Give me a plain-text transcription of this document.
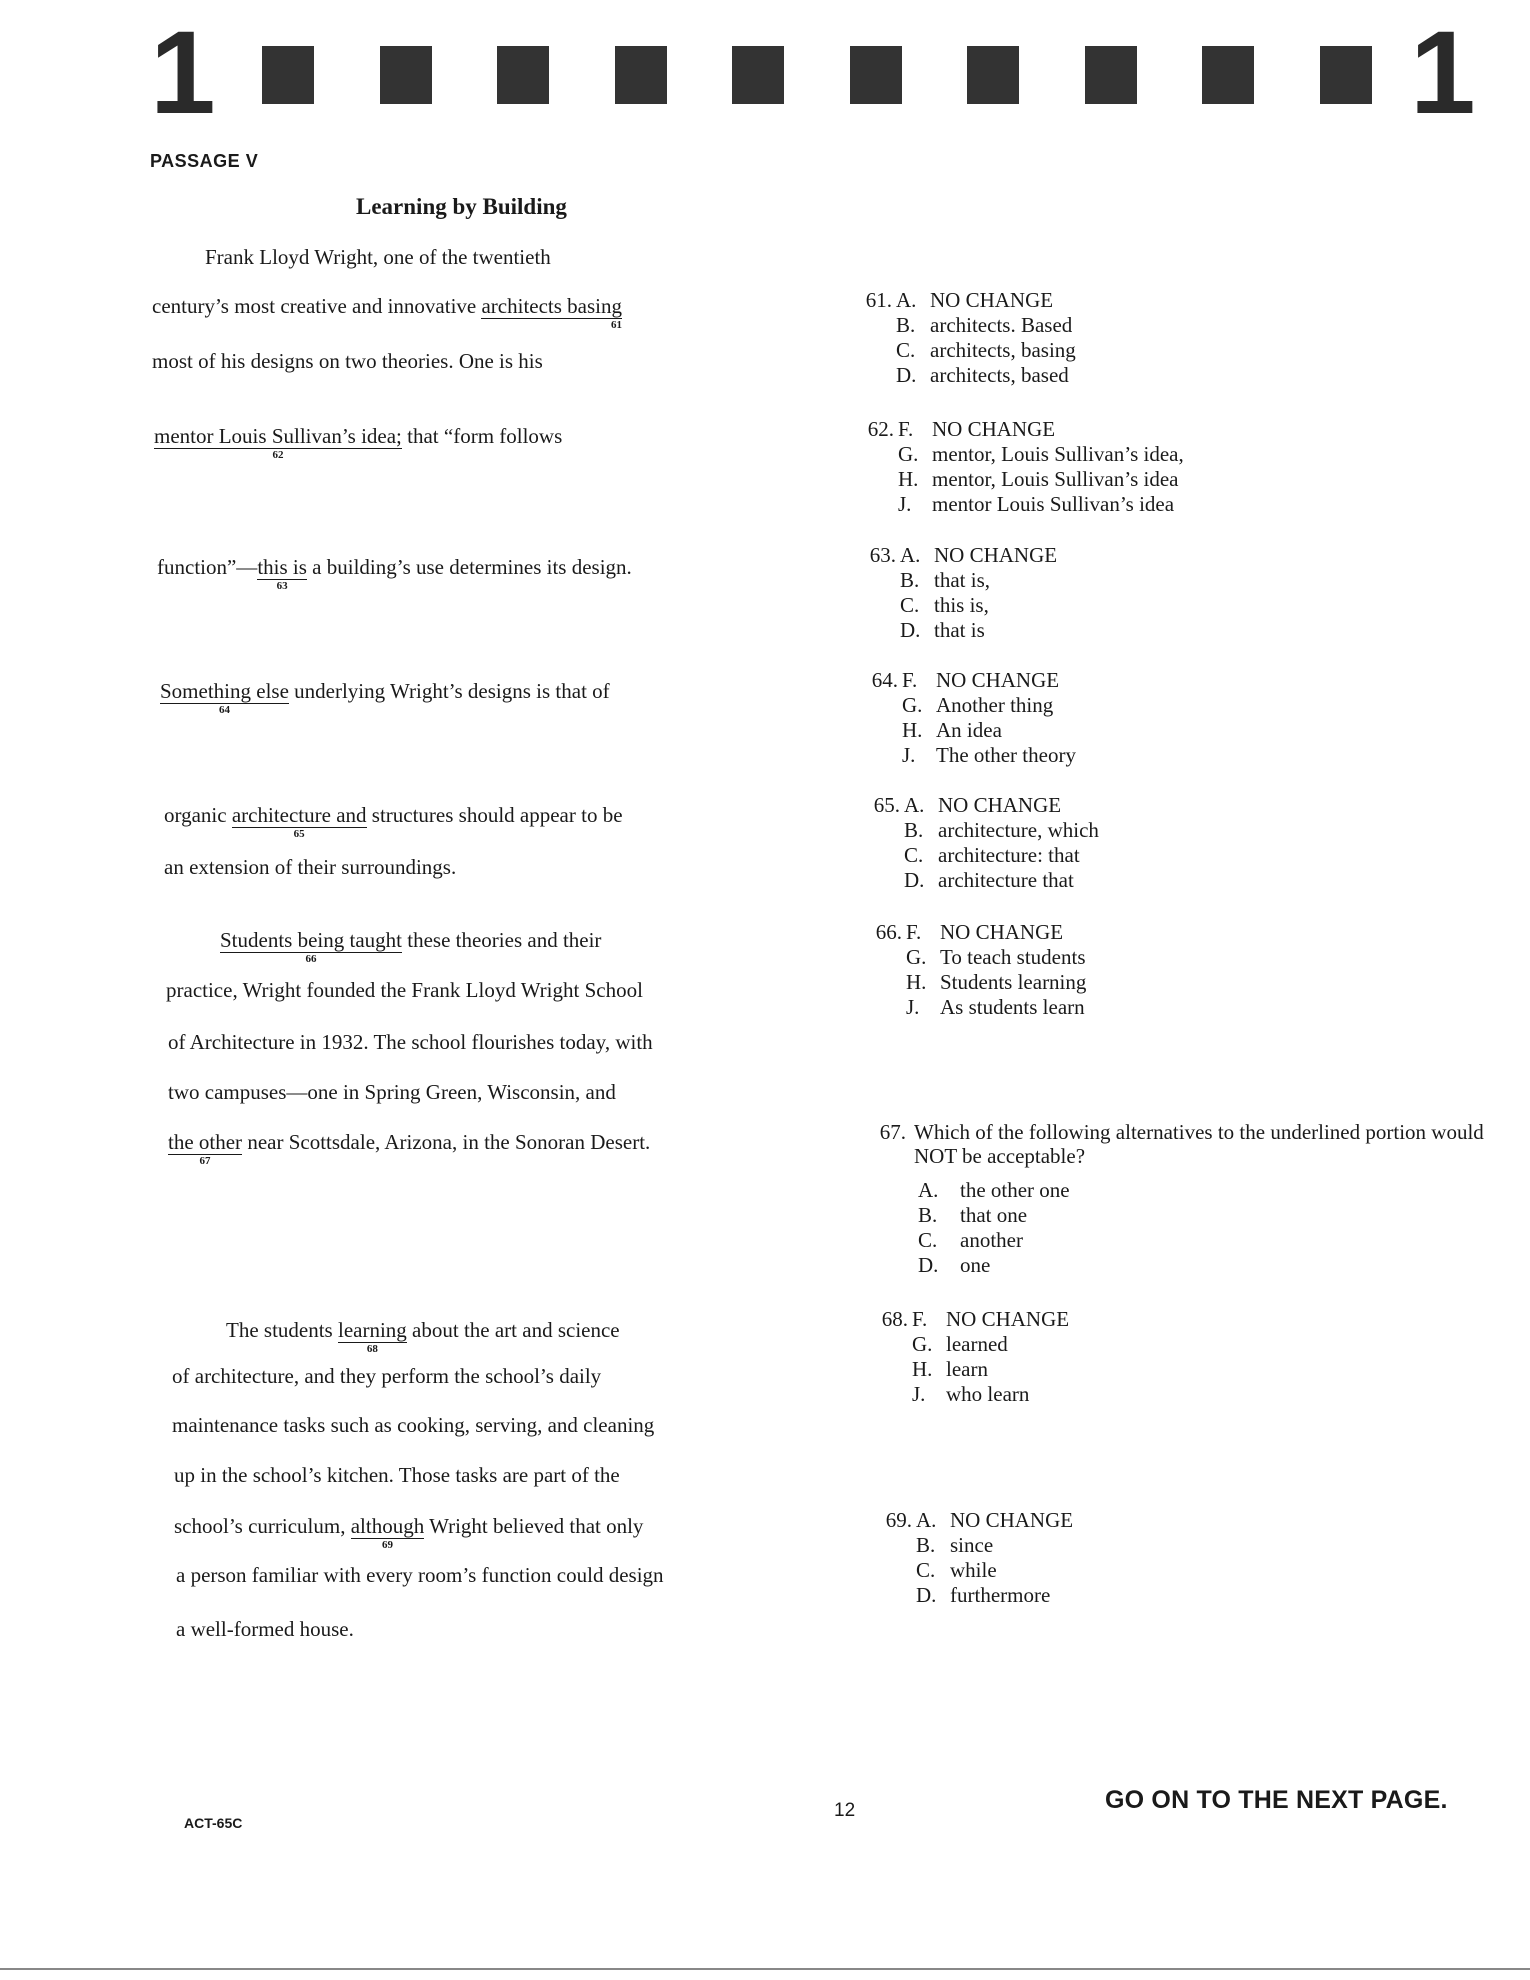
1	1
PASSAGE V
Learning by Building
Frank Lloyd Wright, one of the twentieth
century’s most creative and innovative architects basing
61
most of his designs on two theories. One is his
mentor Louis Sullivan’s idea;
62
that “form follows
function”—this is
63
a building’s use determines its design.
Something else
64
underlying Wright’s designs is that of
organic architecture and
65
structures should appear to be
an extension of their surroundings.
Students being taught
66
these theories and their
practice, Wright founded the Frank Lloyd Wright School
of Architecture in 1932. The school flourishes today, with
two campuses—one in Spring Green, Wisconsin, and
the other
67
near Scottsdale, Arizona, in the Sonoran Desert.
The students learning
68
about the art and science
of architecture, and they perform the school’s daily
maintenance tasks such as cooking, serving, and cleaning
up in the school’s kitchen. Those tasks are part of the
school’s curriculum, although
69
Wright believed that only
a person familiar with every room’s function could design
a well-formed house.
61. A. NO CHANGE
B. architects. Based
C. architects, basing
D. architects, based
62. F. NO CHANGE
G. mentor, Louis Sullivan’s idea,
H. mentor, Louis Sullivan’s idea
J. mentor Louis Sullivan’s idea
63. A. NO CHANGE
B. that is,
C. this is,
D. that is
64. F. NO CHANGE
G. Another thing
H. An idea
J. The other theory
65. A. NO CHANGE
B. architecture, which
C. architecture: that
D. architecture that
66. F. NO CHANGE
G. To teach students
H. Students learning
J. As students learn
67. Which of the following alternatives to the underlined portion would NOT be acceptable?
A.	the other one
B.	that one
C.	another
D.	one
68. F. NO CHANGE
G. learned
H. learn
J. who learn
69. A. NO CHANGE
B. since
C. while
D. furthermore
ACT-65C
12	GO ON TO THE NEXT PAGE.
